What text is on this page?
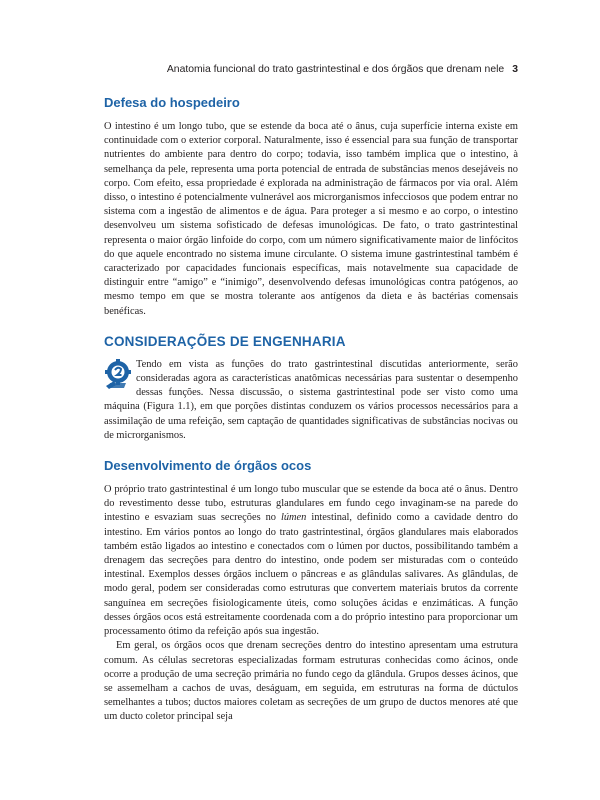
Anatomia funcional do trato gastrintestinal e dos órgãos que drenam nele 3
Defesa do hospedeiro

O intestino é um longo tubo, que se estende da boca até o ânus, cuja superfície interna existe em continuidade com o exterior corporal. Naturalmente, isso é essencial para sua função de transportar nutrientes do ambiente para dentro do corpo; todavia, isso também implica que o intestino, à semelhança da pele, representa uma porta potencial de entrada de substâncias menos desejáveis no corpo. Com efeito, essa propriedade é explorada na administração de fármacos por via oral. Além disso, o intestino é potencialmente vulnerável aos microrganismos infecciosos que podem entrar no sistema com a ingestão de alimentos e de água. Para proteger a si mesmo e ao corpo, o intestino desenvolveu um sistema sofisticado de defesas imunológicas. De fato, o trato gastrintestinal representa o maior órgão linfoide do corpo, com um número significativamente maior de linfócitos do que aquele encontrado no sistema imune circulante. O sistema imune gastrintestinal também é caracterizado por capacidades funcionais específicas, mais notavelmente sua capacidade de distinguir entre “amigo” e “inimigo”, desenvolvendo defesas imunológicas contra patógenos, ao mesmo tempo em que se mostra tolerante aos antígenos da dieta e às bactérias comensais benéficas.

CONSIDERAÇÕES DE ENGENHARIA

Tendo em vista as funções do trato gastrintestinal discutidas anteriormente, serão consideradas agora as características anatômicas necessárias para sustentar o desempenho dessas funções. Nessa discussão, o sistema gastrintestinal pode ser visto como uma máquina (Figura 1.1), em que porções distintas conduzem os vários processos necessários para a assimilação de uma refeição, sem captação de quantidades significativas de substâncias nocivas ou de microrganismos.

Desenvolvimento de órgãos ocos

O próprio trato gastrintestinal é um longo tubo muscular que se estende da boca até o ânus. Dentro do revestimento desse tubo, estruturas glandulares em fundo cego invaginam-se na parede do intestino e esvaziam suas secreções no lúmen intestinal, definido como a cavidade dentro do intestino. Em vários pontos ao longo do trato gastrintestinal, órgãos glandulares mais elaborados também estão ligados ao intestino e conectados com o lúmen por ductos, possibilitando também a drenagem das secreções para dentro do intestino, onde podem ser misturadas com o conteúdo intestinal. Exemplos desses órgãos incluem o pâncreas e as glândulas salivares. As glândulas, de modo geral, podem ser consideradas como estruturas que convertem materiais brutos da corrente sanguínea em secreções fisiologicamente úteis, como soluções ácidas e enzimáticas. A função desses órgãos ocos está estreitamente coordenada com a do próprio intestino para proporcionar um processamento ótimo da refeição após sua ingestão.

Em geral, os órgãos ocos que drenam secreções dentro do intestino apresentam uma estrutura comum. As células secretoras especializadas formam estruturas conhecidas como ácinos, onde ocorre a produção de uma secreção primária no fundo cego da glândula. Grupos desses ácinos, que se assemelham a cachos de uvas, deságuam, em seguida, em estruturas na forma de dúctulos semelhantes a tubos; ductos maiores coletam as secreções de um grupo de ductos menores até que um ducto coletor principal seja
